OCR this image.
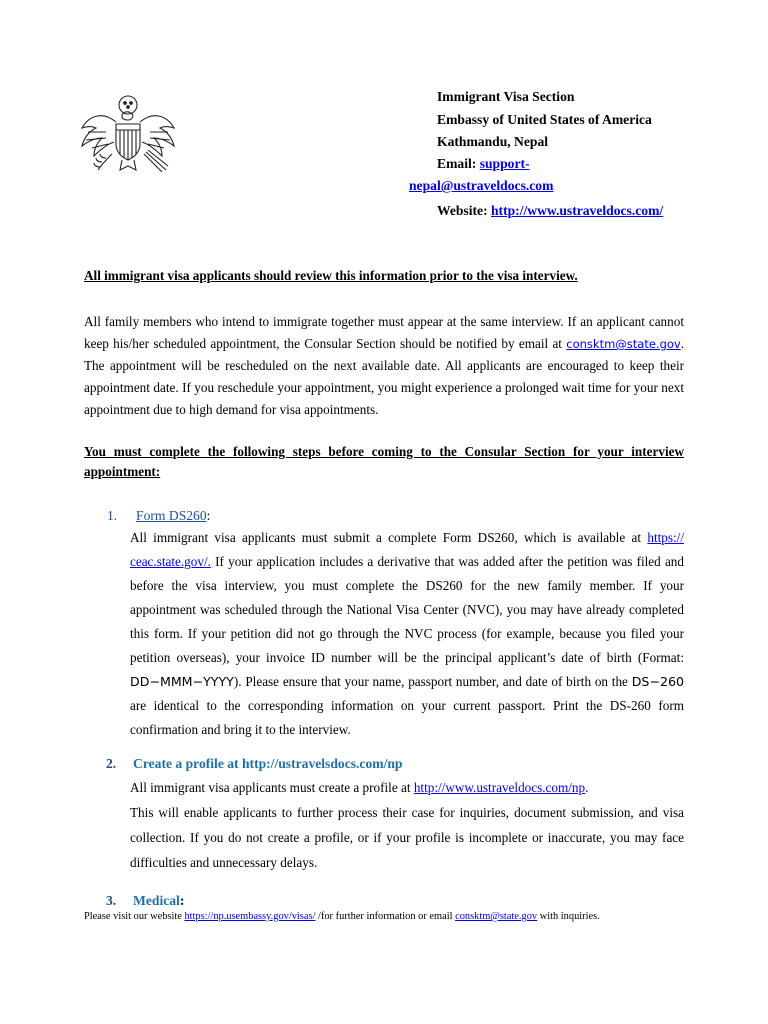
Immigrant Visa Section
Embassy of United States of America
Kathmandu, Nepal
Email: support-
nepal@ustraveldocs.com
Website: http://www.ustraveldocs.com/
All immigrant visa applicants should review this information prior to the visa interview.
All family members who intend to immigrate together must appear at the same interview. If an applicant cannot keep his/her scheduled appointment, the Consular Section should be notified by email at consktm@state.gov. The appointment will be rescheduled on the next available date. All applicants are encouraged to keep their appointment date. If you reschedule your appointment, you might experience a prolonged wait time for your next appointment due to high demand for visa appointments.
You must complete the following steps before coming to the Consular Section for your interview appointment:
1. Form DS260:
All immigrant visa applicants must submit a complete Form DS260, which is available at https:// ceac.state.gov/. If your application includes a derivative that was added after the petition was filed and before the visa interview, you must complete the DS260 for the new family member. If your appointment was scheduled through the National Visa Center (NVC), you may have already completed this form. If your petition did not go through the NVC process (for example, because you filed your petition overseas), your invoice ID number will be the principal applicant’s date of birth (Format: DD−MMM−YYYY). Please ensure that your name, passport number, and date of birth on the DS−260 are identical to the corresponding information on your current passport. Print the DS-260 form confirmation and bring it to the interview.
2. Create a profile at http://ustravelsdocs.com/np
All immigrant visa applicants must create a profile at http://www.ustraveldocs.com/np.
This will enable applicants to further process their case for inquiries, document submission, and visa collection. If you do not create a profile, or if your profile is incomplete or inaccurate, you may face difficulties and unnecessary delays.
3. Medical:
Please visit our website https://np.usembassy.gov/visas/ /for further information or email consktm@state.gov with inquiries.
